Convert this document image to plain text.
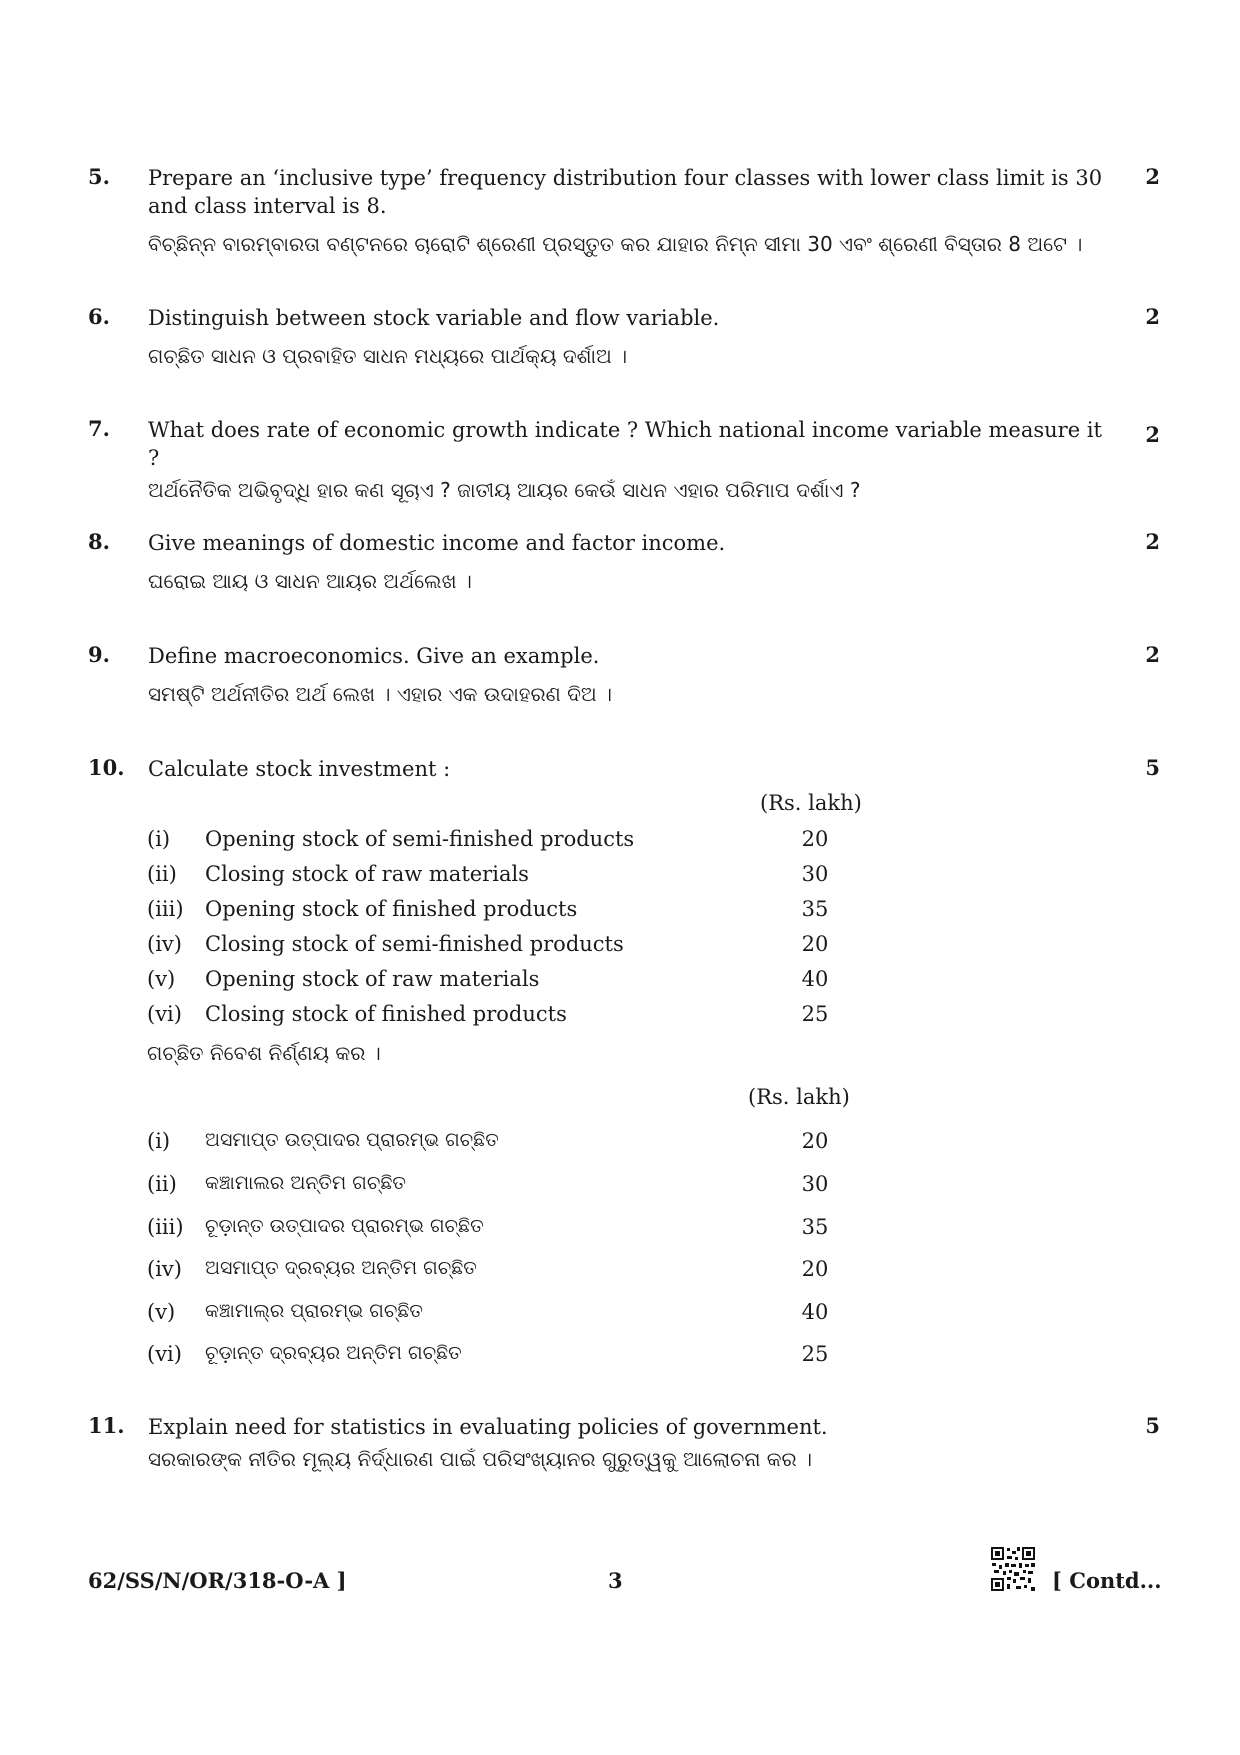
5. Prepare an ‘inclusive type’ frequency distribution four classes with lower class limit is 30 and class interval is 8.
ବିଚ୍ଛିନ୍ନ ବାରମ୍ବାରତା ବଣ୍ଟନରେ ଚାରୋଟି ଶ୍ରେଣୀ ପ୍ରସ୍ତୁତ କର ଯାହାର ନିମ୍ନ ସୀମା 30 ଏବଂ ଶ୍ରେଣୀ ବିସ୍ତାର 8 ଅଟେ ।
2
6. Distinguish between stock variable and flow variable.
ଗଚ୍ଛିତ ସାଧନ ଓ ପ୍ରବାହିତ ସାଧନ ମଧ୍ୟରେ ପାର୍ଥକ୍ୟ ଦର୍ଶାଅ ।
2
7. What does rate of economic growth indicate ? Which national income variable measure it ?
ଅର୍ଥନୈତିକ ଅଭିବୃଦ୍ଧି ହାର କଣ ସୂଚାଏ ? ଜାତୀୟ ଆୟର କେଉଁ ସାଧନ ଏହାର ପରିମାପ ଦର୍ଶାଏ ?
2
8. Give meanings of domestic income and factor income.
ଘରୋଇ ଆୟ ଓ ସାଧନ ଆୟର ଅର୍ଥଲେଖ ।
2
9. Define macroeconomics. Give an example.
ସମଷ୍ଟି ଅର୍ଥନୀତିର ଅର୍ଥ ଲେଖ । ଏହାର ଏକ ଉଦାହରଣ ଦିଅ ।
2
10. Calculate stock investment :	5
(Rs. lakh)
(i) Opening stock of semi-finished products	20
(ii) Closing stock of raw materials	30
(iii) Opening stock of finished products	35
(iv) Closing stock of semi-finished products	20
(v) Opening stock of raw materials	40
(vi) Closing stock of finished products	25
ଗଚ୍ଛିତ ନିବେଶ ନିର୍ଣ୍ଣୟ କର ।
(Rs. lakh)
(i) ଅସମାପ୍ତ ଉତ୍ପାଦର ପ୍ରାରମ୍ଭ ଗଚ୍ଛିତ	20
(ii) କଞ୍ଚାମାଲର ଅନ୍ତିମ ଗଚ୍ଛିତ	30
(iii) ଚୂଡ଼ାନ୍ତ ଉତ୍ପାଦର ପ୍ରାରମ୍ଭ ଗଚ୍ଛିତ	35
(iv) ଅସମାପ୍ତ ଦ୍ରବ୍ୟର ଅନ୍ତିମ ଗଚ୍ଛିତ	20
(v) କଞ୍ଚାମାଲ୍‌ର ପ୍ରାରମ୍ଭ ଗଚ୍ଛିତ	40
(vi) ଚୂଡ଼ାନ୍ତ ଦ୍ରବ୍ୟର ଅନ୍ତିମ ଗଚ୍ଛିତ	25
11. Explain need for statistics in evaluating policies of government.
ସରକାରଙ୍କ ନୀତିର ମୂଲ୍ୟ ନିର୍ଦ୍ଧାରଣ ପାଇଁ ପରିସଂଖ୍ୟାନର ଗୁରୁତ୍ୱକୁ ଆଲୋଚନା କର ।
5
62/SS/N/OR/318-O-A ]	3	[ Contd...
